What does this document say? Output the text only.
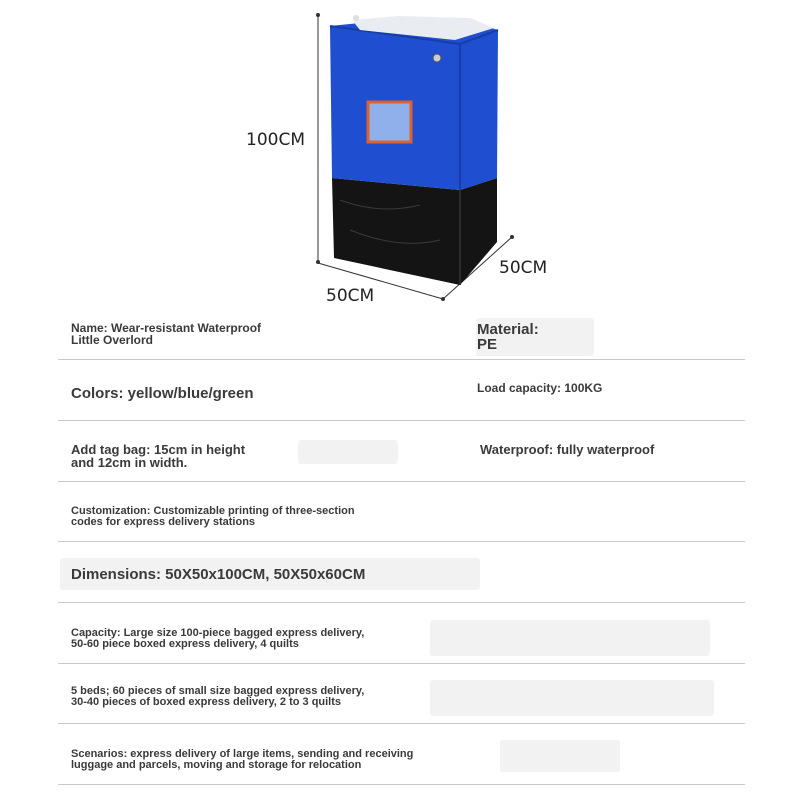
100CM
50CM
50CM
Name: Wear-resistant Waterproof
Little Overlord
Material:
PE
Colors: yellow/blue/green	Load capacity: 100KG
Add tag bag: 15cm in height
and 12cm in width.
Waterproof: fully waterproof
Customization: Customizable printing of three-section
codes for express delivery stations
Dimensions: 50X50x100CM, 50X50x60CM
Capacity: Large size 100-piece bagged express delivery,
50-60 piece boxed express delivery, 4 quilts
5 beds; 60 pieces of small size bagged express delivery,
30-40 pieces of boxed express delivery, 2 to 3 quilts
Scenarios: express delivery of large items, sending and receiving
luggage and parcels, moving and storage for relocation
